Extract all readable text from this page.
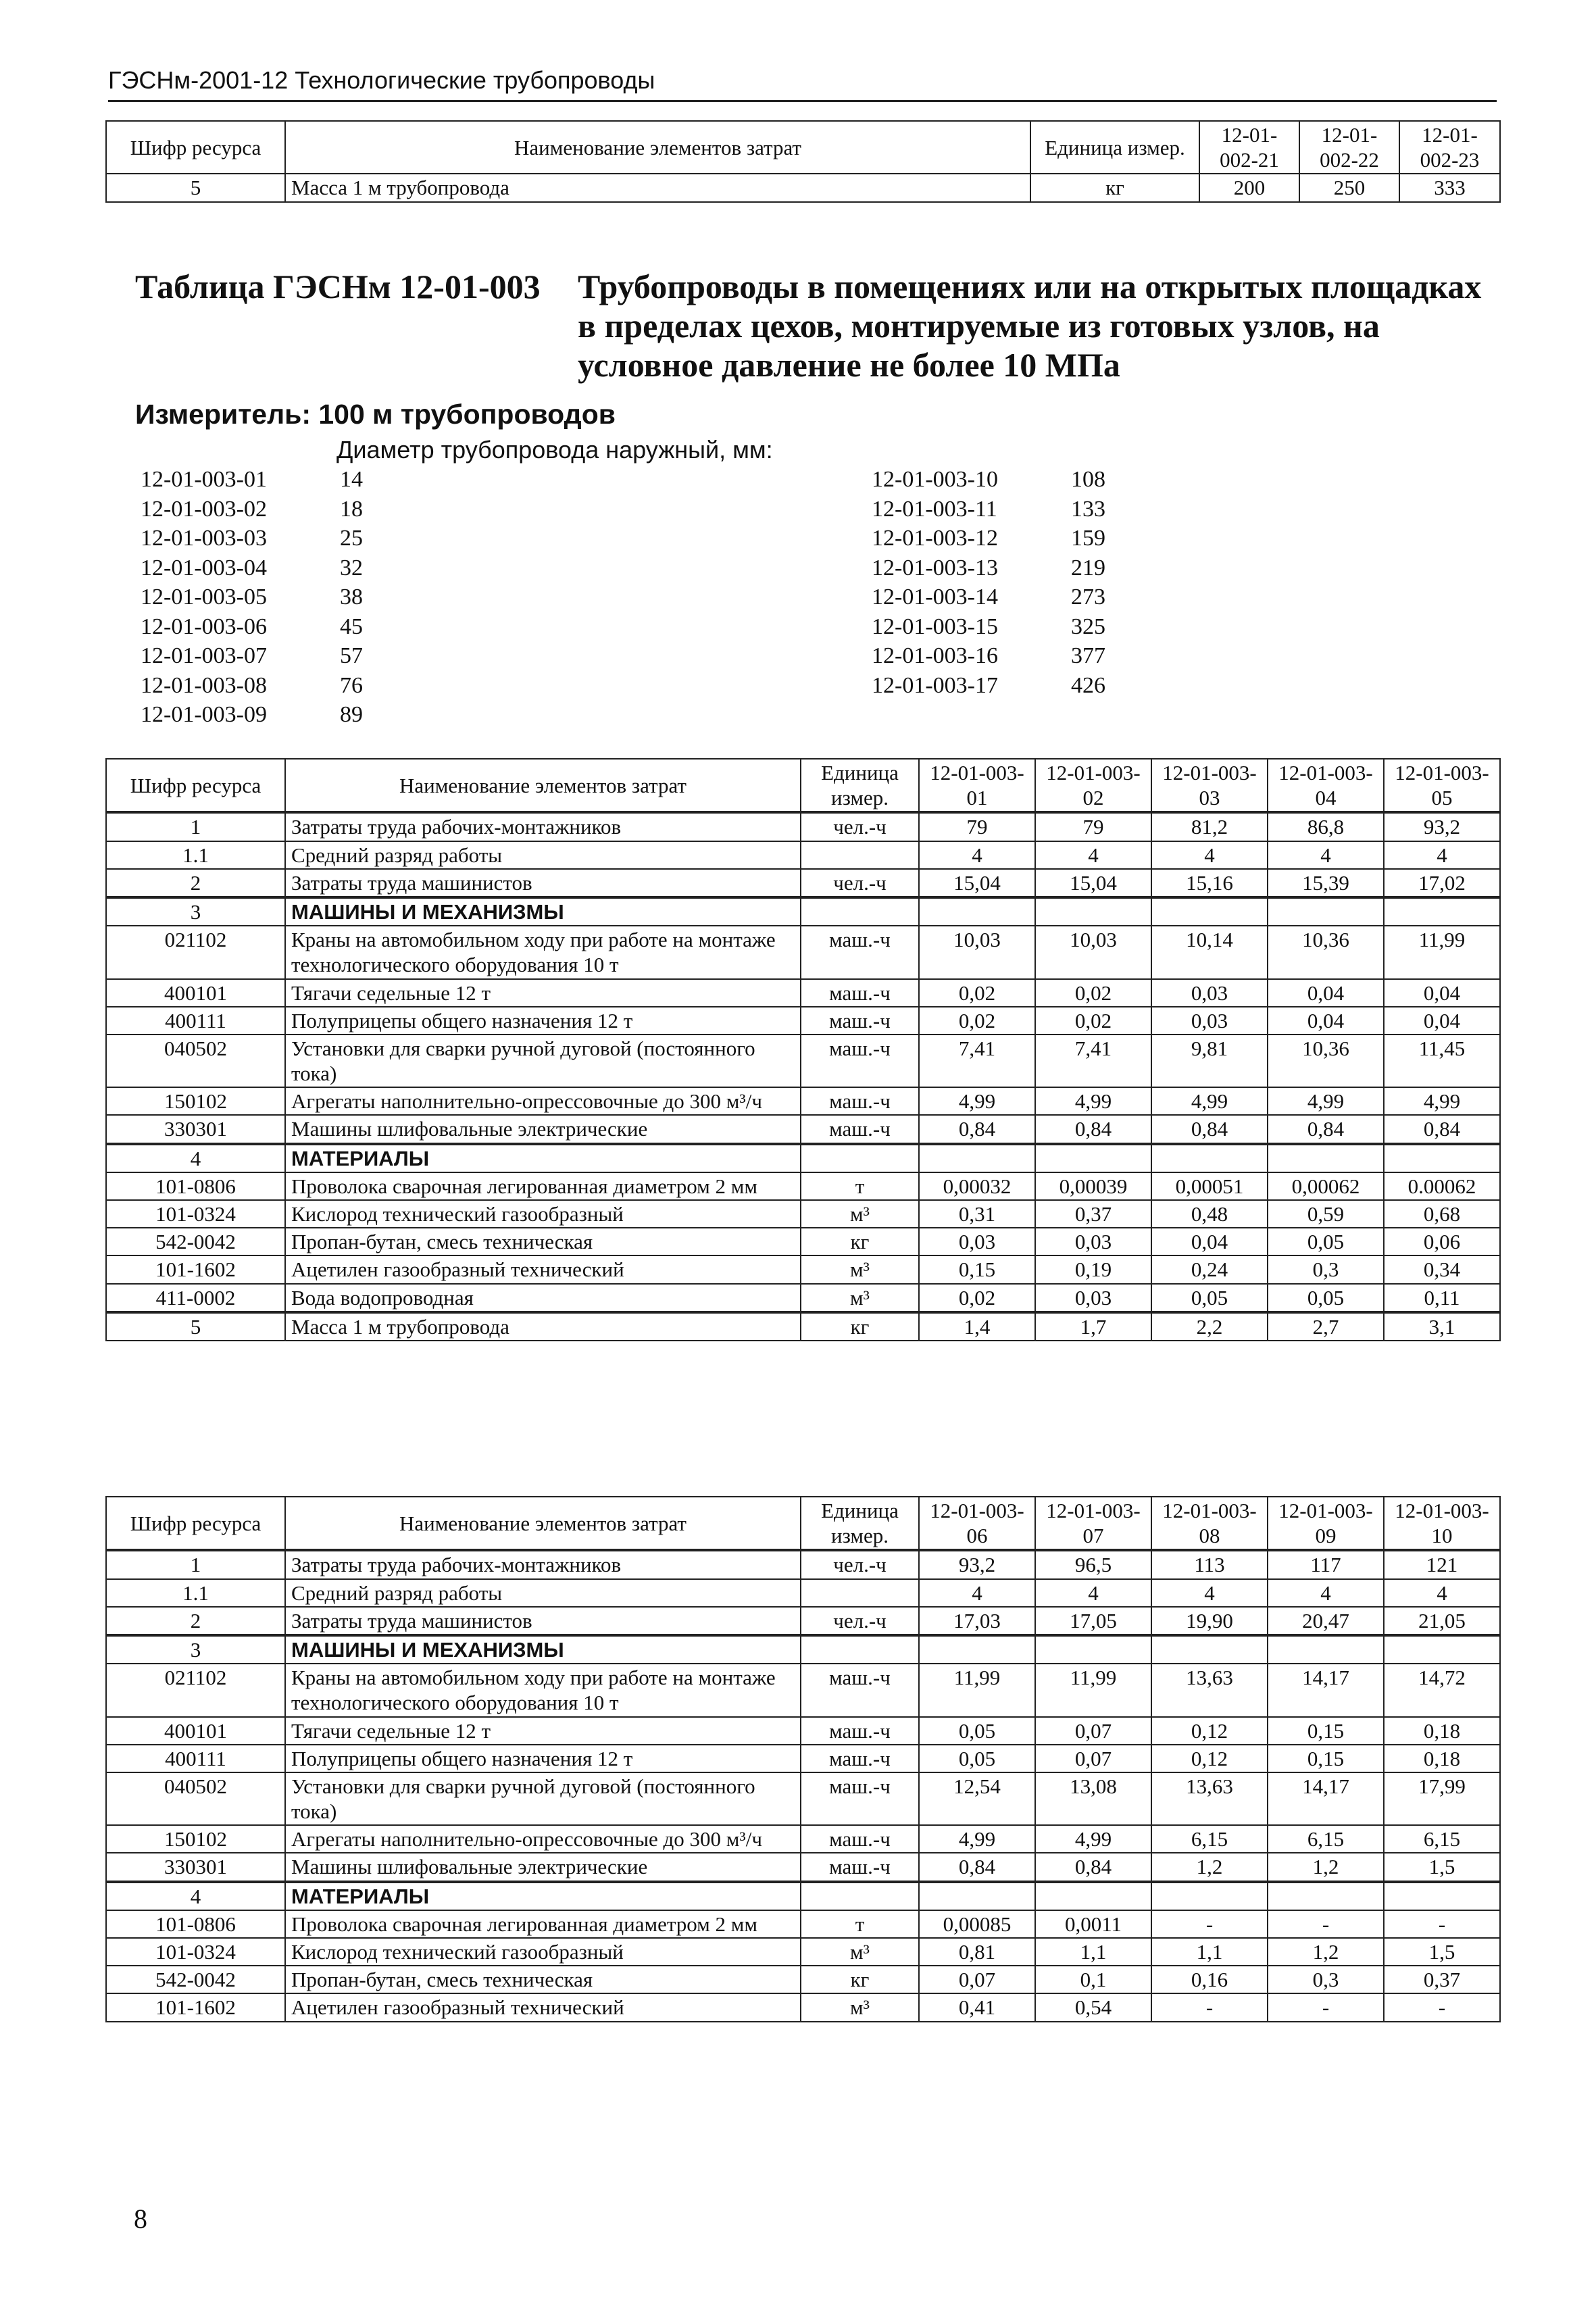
ГЭСНм-2001-12 Технологические трубопроводы
Шифр ресурса	Наименование элементов затрат	Единица измер.	12-01-002-21	12-01-002-22	12-01-002-23
5	Масса 1 м трубопровода	кг	200	250	333
Таблица ГЭСНм 12-01-003 Трубопроводы в помещениях или на открытых площадках в пределах цехов, монтируемые из готовых узлов, на условное давление не более 10 МПа
Измеритель: 100 м трубопроводов
Диаметр трубопровода наружный, мм:
12-01-003-01	14
12-01-003-02	18
12-01-003-03	25
12-01-003-04	32
12-01-003-05	38
12-01-003-06	45
12-01-003-07	57
12-01-003-08	76
12-01-003-09	89
12-01-003-10	108
12-01-003-11	133
12-01-003-12	159
12-01-003-13	219
12-01-003-14	273
12-01-003-15	325
12-01-003-16	377
12-01-003-17	426
Шифр ресурса	Наименование элементов затрат	Единица измер.	12-01-003-01	12-01-003-02	12-01-003-03	12-01-003-04	12-01-003-05
1	Затраты труда рабочих-монтажников	чел.-ч	79	79	81,2	86,8	93,2
1.1	Средний разряд работы		4	4	4	4	4
2	Затраты труда машинистов	чел.-ч	15,04	15,04	15,16	15,39	17,02
3	МАШИНЫ И МЕХАНИЗМЫ						
021102	Краны на автомобильном ходу при работе на монтаже технологического оборудования 10 т	маш.-ч	10,03	10,03	10,14	10,36	11,99
400101	Тягачи седельные 12 т	маш.-ч	0,02	0,02	0,03	0,04	0,04
400111	Полуприцепы общего назначения 12 т	маш.-ч	0,02	0,02	0,03	0,04	0,04
040502	Установки для сварки ручной дуговой (постоянного тока)	маш.-ч	7,41	7,41	9,81	10,36	11,45
150102	Агрегаты наполнительно-опрессовочные до 300 м³/ч	маш.-ч	4,99	4,99	4,99	4,99	4,99
330301	Машины шлифовальные электрические	маш.-ч	0,84	0,84	0,84	0,84	0,84
4	МАТЕРИАЛЫ						
101-0806	Проволока сварочная легированная диаметром 2 мм	т	0,00032	0,00039	0,00051	0,00062	0.00062
101-0324	Кислород технический газообразный	м³	0,31	0,37	0,48	0,59	0,68
542-0042	Пропан-бутан, смесь техническая	кг	0,03	0,03	0,04	0,05	0,06
101-1602	Ацетилен газообразный технический	м³	0,15	0,19	0,24	0,3	0,34
411-0002	Вода водопроводная	м³	0,02	0,03	0,05	0,05	0,11
5	Масса 1 м трубопровода	кг	1,4	1,7	2,2	2,7	3,1
Шифр ресурса	Наименование элементов затрат	Единица измер.	12-01-003-06	12-01-003-07	12-01-003-08	12-01-003-09	12-01-003-10
1	Затраты труда рабочих-монтажников	чел.-ч	93,2	96,5	113	117	121
1.1	Средний разряд работы		4	4	4	4	4
2	Затраты труда машинистов	чел.-ч	17,03	17,05	19,90	20,47	21,05
3	МАШИНЫ И МЕХАНИЗМЫ						
021102	Краны на автомобильном ходу при работе на монтаже технологического оборудования 10 т	маш.-ч	11,99	11,99	13,63	14,17	14,72
400101	Тягачи седельные 12 т	маш.-ч	0,05	0,07	0,12	0,15	0,18
400111	Полуприцепы общего назначения 12 т	маш.-ч	0,05	0,07	0,12	0,15	0,18
040502	Установки для сварки ручной дуговой (постоянного тока)	маш.-ч	12,54	13,08	13,63	14,17	17,99
150102	Агрегаты наполнительно-опрессовочные до 300 м³/ч	маш.-ч	4,99	4,99	6,15	6,15	6,15
330301	Машины шлифовальные электрические	маш.-ч	0,84	0,84	1,2	1,2	1,5
4	МАТЕРИАЛЫ						
101-0806	Проволока сварочная легированная диаметром 2 мм	т	0,00085	0,0011	-	-	-
101-0324	Кислород технический газообразный	м³	0,81	1,1	1,1	1,2	1,5
542-0042	Пропан-бутан, смесь техническая	кг	0,07	0,1	0,16	0,3	0,37
101-1602	Ацетилен газообразный технический	м³	0,41	0,54	-	-	-
8
